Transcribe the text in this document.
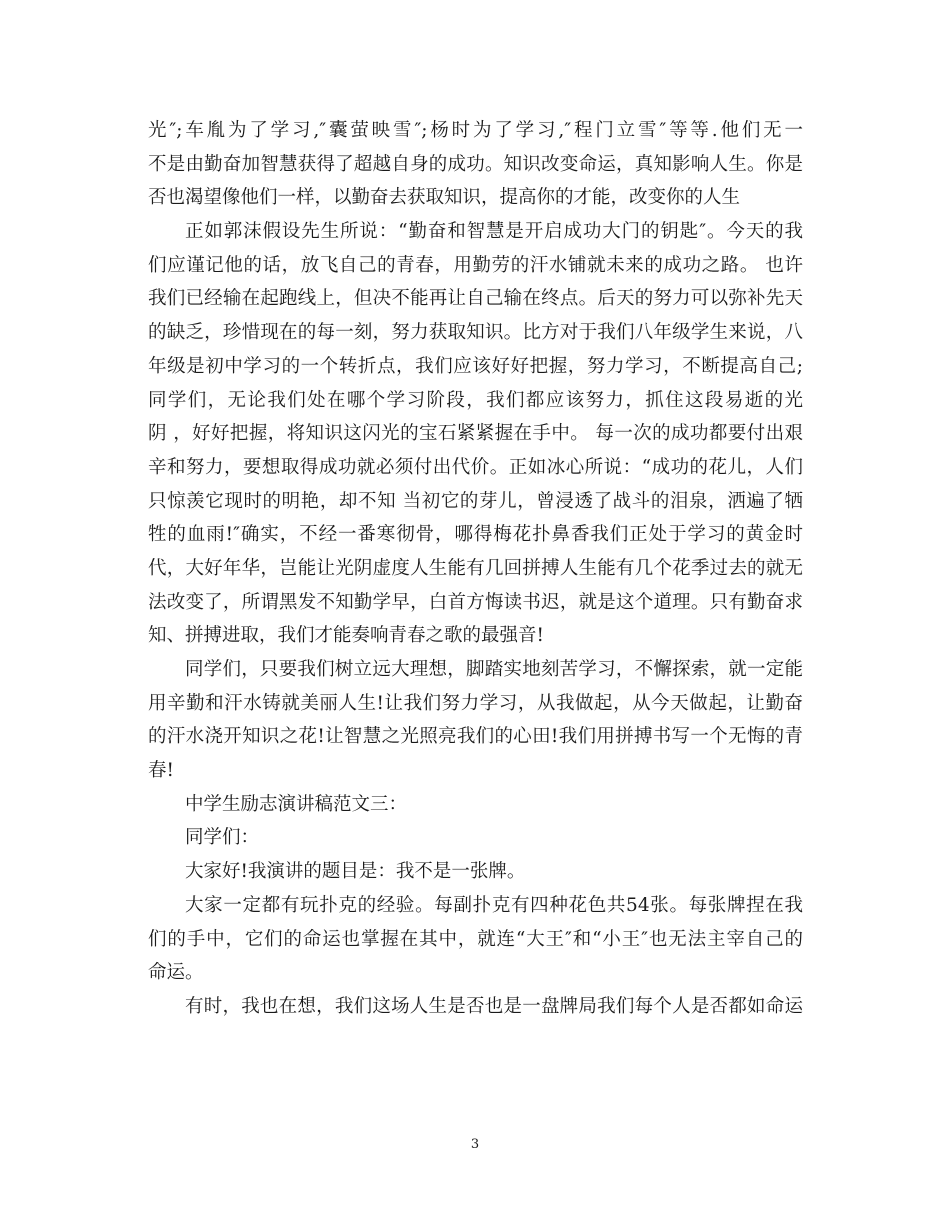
光″;车胤为了学习,″囊萤映雪″;杨时为了学习,″程门立雪″等等.他们无一
不是由勤奋加智慧获得了超越自身的成功。知识改变命运，真知影响人生。你是
否也渴望像他们一样，以勤奋去获取知识，提高你的才能，改变你的人生
正如郭沫假设先生所说：“勤奋和智慧是开启成功大门的钥匙″。今天的我
们应谨记他的话，放飞自己的青春，用勤劳的汗水铺就未来的成功之路。 也许
我们已经输在起跑线上，但决不能再让自己输在终点。后天的努力可以弥补先天
的缺乏，珍惜现在的每一刻，努力获取知识。比方对于我们八年级学生来说，八
年级是初中学习的一个转折点，我们应该好好把握，努力学习，不断提高自己;
同学们，无论我们处在哪个学习阶段，我们都应该努力，抓住这段易逝的光
阴 ，好好把握，将知识这闪光的宝石紧紧握在手中。 每一次的成功都要付出艰
辛和努力，要想取得成功就必须付出代价。正如冰心所说：“成功的花儿，人们
只惊羡它现时的明艳，却不知 当初它的芽儿，曾浸透了战斗的泪泉，洒遍了牺
牲的血雨!″确实，不经一番寒彻骨，哪得梅花扑鼻香我们正处于学习的黄金时
代，大好年华，岂能让光阴虚度人生能有几回拼搏人生能有几个花季过去的就无
法改变了，所谓黑发不知勤学早，白首方悔读书迟，就是这个道理。只有勤奋求
知、拼搏进取，我们才能奏响青春之歌的最强音!
同学们，只要我们树立远大理想，脚踏实地刻苦学习，不懈探索，就一定能
用辛勤和汗水铸就美丽人生!让我们努力学习，从我做起，从今天做起，让勤奋
的汗水浇开知识之花!让智慧之光照亮我们的心田!我们用拼搏书写一个无悔的青
春!
中学生励志演讲稿范文三：
同学们：
大家好!我演讲的题目是：我不是一张牌。
大家一定都有玩扑克的经验。每副扑克有四种花色共54张。每张牌捏在我
们的手中，它们的命运也掌握在其中，就连“大王″和“小王″也无法主宰自己的
命运。
有时，我也在想，我们这场人生是否也是一盘牌局我们每个人是否都如命运
3
